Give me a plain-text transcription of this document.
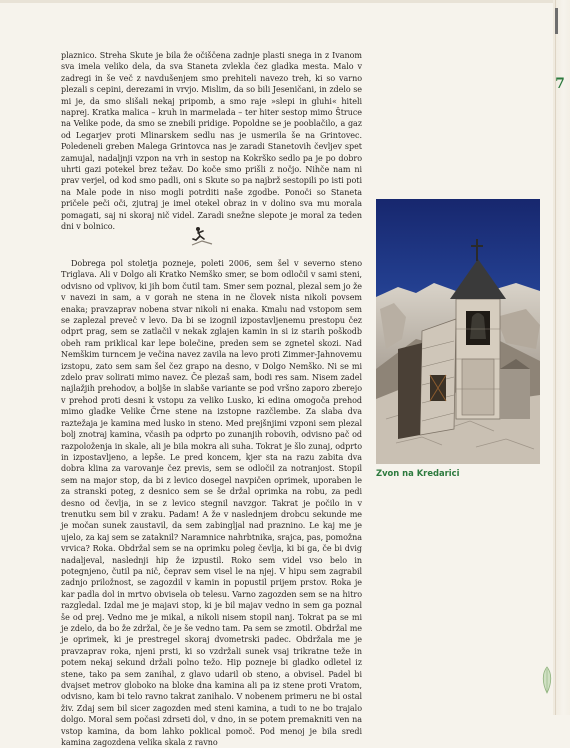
7

plaznico. Streha Skute je bila že očiščena zadnje plasti snega in z Ivanom sva imela veliko dela, da sva Staneta zvlekla čez gladka mesta. Malo v zadregi in še več z navdušenjem smo prehiteli navezo treh, ki so varno plezali s cepini, derezami in vrvjo. Mislim, da so bili Jeseničani, in zdelo se mi je, da smo slišali nekaj pripomb, a smo raje »slepi in gluhi« hiteli naprej. Kratka malica – kruh in marmelada – ter hiter sestop mimo Štruce na Velike pode, da smo se znebili pridige. Popoldne se je pooblačilo, a gaz od Legarjev proti Mlinarskem sedlu nas je usmerila še na Grintovec. Poledeneli greben Malega Grintovca nas je zaradi Stanetovih čevljev spet zamujal, nadaljnji vzpon na vrh in sestop na Kokrško sedlo pa je po dobro uhrti gazi potekel brez težav. Do koče smo prišli z nočjo. Nihče nam ni prav verjel, od kod smo padli, oni s Skute so pa najbrž sestopili po isti poti na Male pode in niso mogli potrditi naše zgodbe. Ponoči so Staneta pričele peči oči, zjutraj je imel otekel obraz in v dolino sva mu morala pomagati, saj ni skoraj nič videl. Zaradi snežne slepote je moral za teden dni v bolnico.

Dobrega pol stoletja pozneje, poleti 2006, sem šel v severno steno Triglava. Ali v Dolgo ali Kratko Nemško smer, se bom odločil v sami steni, odvisno od vplivov, ki jih bom čutil tam. Smer sem poznal, plezal sem jo že v navezi in sam, a v gorah ne stena in ne človek nista nikoli povsem enaka; pravzaprav nobena stvar nikoli ni enaka. Kmalu nad vstopom sem se zaplezal preveč v levo. Da bi se izognil izpostavljenemu prestopu čez odprt prag, sem se zatlačil v nekak zglajen kamin in si iz starih poškodb obeh ram priklical kar lepe bolečine, preden sem se zgnetel skozi. Nad Nemškim turncem je večina navez zavila na levo proti Zimmer-Jahnovemu izstopu, zato sem sam šel čez grapo na desno, v Dolgo Nemško. Ni se mi zdelo prav solirati mimo navez. Če plezaš sam, bodi res sam. Nisem zadel najlažjih prehodov, a boljše in slabše variante se pod vršno zaporo zberejo v prehod proti desni k vstopu za veliko Lusko, ki edina omogoča prehod mimo gladke Velike Črne stene na izstopne razčlembe. Za slaba dva raztežaja je kamina med lusko in steno. Med prejšnjimi vzponi sem plezal bolj znotraj kamina, včasih pa odprto po zunanjih robovih, odvisno pač od razpoloženja in skale, ali je bila mokra ali suha. Tokrat je šlo zunaj, odprto in izpostavljeno, a lepše. Le pred koncem, kjer sta na razu zabita dva dobra klina za varovanje čez previs, sem se odločil za notranjost. Stopil sem na major stop, da bi z levico dosegel navpičen oprimek, uporaben le za stranski poteg, z desnico sem se še držal oprimka na robu, za pedi desno od čevlja, in se z levico stegnil navzgor. Takrat je počilo in v trenutku sem bil v zraku. Padam! A že v naslednjem drobcu sekunde me je močan sunek zaustavil, da sem zabingljal nad praznino. Le kaj me je ujelo, za kaj sem se zataknil? Naramnice nahrbtnika, srajca, pas, pomožna vrvica? Roka. Obdržal sem se na oprimku poleg čevlja, ki bi ga, če bi dvig nadaljeval, naslednji hip že izpustil. Roko sem videl vso belo in potegnjeno, čutil pa nič, čeprav sem visel le na njej. V hipu sem zagrabil zadnjo priložnost, se zagozdil v kamin in popustil prijem prstov. Roka je kar padla dol in mrtvo obvisela ob telesu. Varno zagozden sem se na hitro razgledal. Izdal me je majavi stop, ki je bil majav vedno in sem ga poznal še od prej. Vedno me je mikal, a nikoli nisem stopil nanj. Tokrat pa se mi je zdelo, da bo že zdržal, če je še vedno tam. Pa sem se zmotil. Obdržal me je oprimek, ki je prestregel skoraj dvometrski padec. Obdržala me je pravzaprav roka, njeni prsti, ki so vzdržali sunek vsaj trikratne teže in potem nekaj sekund držali polno težo. Hip pozneje bi gladko odletel iz stene, tako pa sem zanihal, z glavo udaril ob steno, a obvisel. Padel bi dvajset metrov globoko na bloke dna kamina ali pa iz stene proti Vratom, odvisno, kam bi telo ravno takrat zanihalo. V nobenem primeru ne bi ostal živ. Zdaj sem bil sicer zagozden med steni kamina, a tudi to ne bo trajalo dolgo. Moral sem počasi zdrseti dol, v dno, in se potem premakniti ven na vstop kamina, da bom lahko poklical pomoč. Pod menoj je bila sredi kamina zagozdena velika skala z ravno

Zvon na Kredarici
